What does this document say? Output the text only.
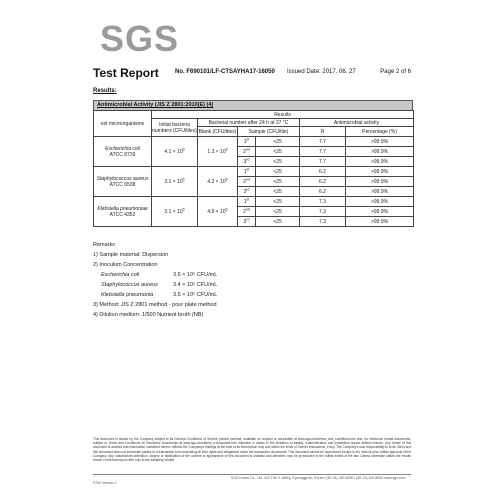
SGS
Test Report	No. F690101/LF-CTSAYHA17-16050 Issued Date: 2017. 06. 27	Page 2 of 6
Results:
Antimicrobial Activity (JIS Z 2801:2010(E) (4)
est microorganisms	Results					
	Initial bacteria numbers (CFU/tiles)	Bacterial number after 24 h at 37 °C			Antimicrobial activity	
		Blank (CFU/tiles)	Sample (CFU/tile)		R	Percentage (%)

Escherichia coli
ATCC 8739	$4.1 \times 10^5$	$1.3 \times 10^5$	1st	<25	7.7	>99.9%
			2nd	<25	7.7	>99.9%
			3rd	<25	7.7	>99.9%

Staphylococcus aureus
ATCC 6538	$3.1 \times 10^5$	$4.2 \times 10^5$	1st	<25	6.2	>99.9%
			2nd	<25	6.2	>99.9%
			3rd	<25	6.2	>99.9%

Klebsiella pneumoniae
ATCC 4352	$3.1 \times 10^5$	$4.5 \times 10^6$	1st	<25	7.3	>99.9%
			2nd	<25	7.3	>99.9%
			3rd	<25	7.3	>99.9%
Remarks
1) Sample material: Dispersion
2) Inoculum Concentration
Escherichia coli	3.6 × 10⁵ CFU/mL
Staphylococcus aureus	3.4 × 10⁵ CFU/mL
Klebsiella pneumonia	3.5 × 10⁵ CFU/mL
3) Method: JIS Z 2801 method - pour plate method
4) Dilution medium: 1/500 Nutrient broth (NB)
This document is issued by the Company subject to its General Conditions of Service printed overleaf, available on request or accessible at www.sgs.com/terms_and_conditions.htm and, for electronic format documents, subject to Terms and Conditions for Electronic Documents at www.sgs.com/terms_e-document.htm. Attention is drawn to the limitation of liability, indemnification and jurisdiction issues defined therein. Any holder of this document is advised that information contained hereon reflects the Company's findings at the time of its intervention only and within the limits of Client's instructions, if any. The Company's sole responsibility is to its Client and this document does not exonerate parties to a transaction from exercising all their rights and obligations under the transaction documents. This document cannot be reproduced except in full, without prior written approval of the Company. Any unauthorized alteration, forgery or falsification of the content or appearance of this document is unlawful and offenders may be prosecuted to the fullest extent of the law. Unless otherwise stated the results shown in this test report refer only to the sample(s) tested.
F204 Version 2
SGS Korea Co., Ltd. 322 The O Valley, Gyeonggi-do, Korea t (82-31) 460 8000 f (82-31) 460 8059 www.sgs.com
